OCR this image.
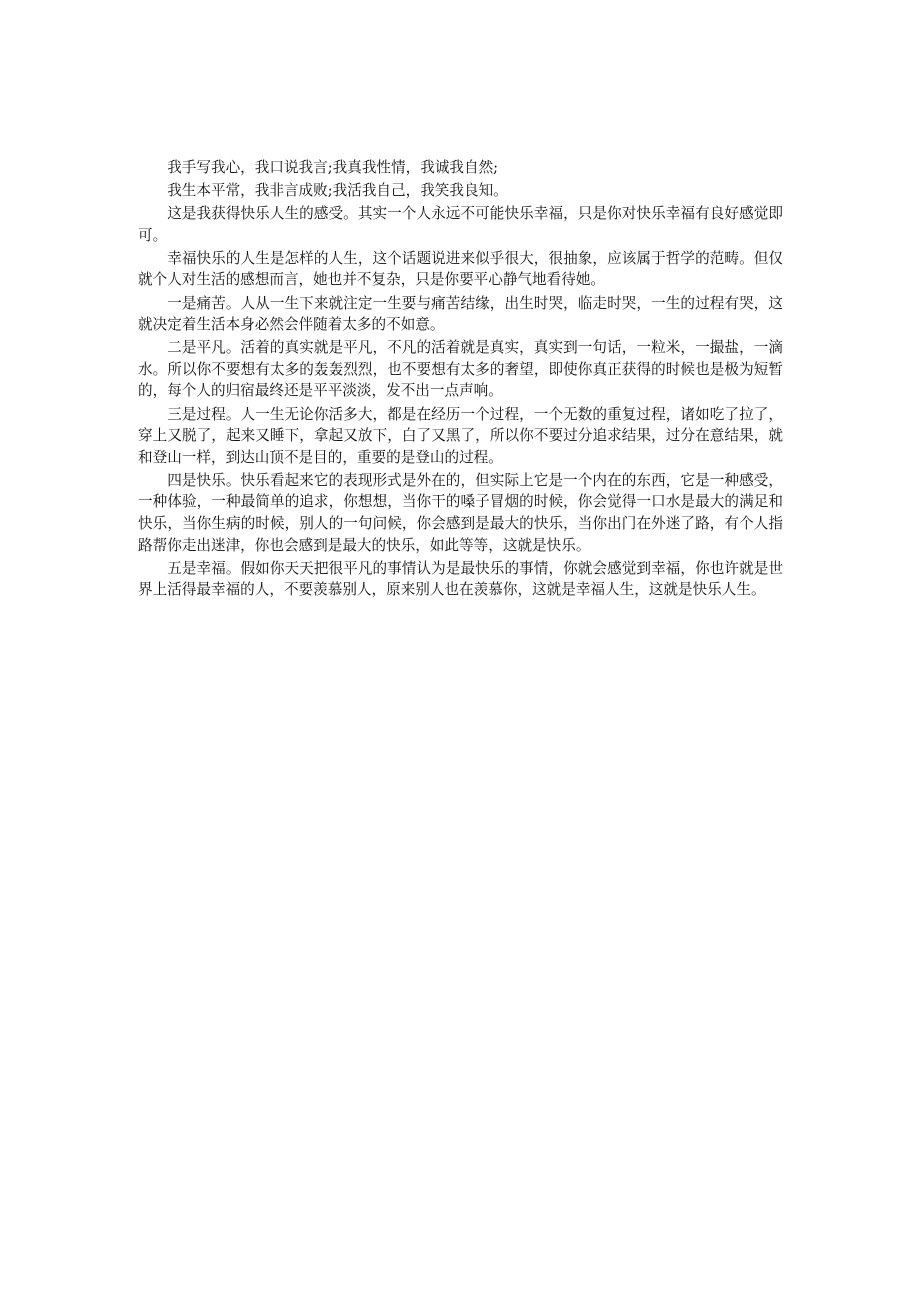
我手写我心，我口说我言;我真我性情，我诚我自然;

我生本平常，我非言成败;我活我自己，我笑我良知。

这是我获得快乐人生的感受。其实一个人永远不可能快乐幸福，只是你对快乐幸福有良好感觉即可。

幸福快乐的人生是怎样的人生，这个话题说进来似乎很大，很抽象，应该属于哲学的范畴。但仅就个人对生活的感想而言，她也并不复杂，只是你要平心静气地看待她。

一是痛苦。人从一生下来就注定一生要与痛苦结缘，出生时哭，临走时哭，一生的过程有哭，这就决定着生活本身必然会伴随着太多的不如意。

二是平凡。活着的真实就是平凡，不凡的活着就是真实，真实到一句话，一粒米，一撮盐，一滴水。所以你不要想有太多的轰轰烈烈，也不要想有太多的奢望，即使你真正获得的时候也是极为短暂的，每个人的归宿最终还是平平淡淡，发不出一点声响。

三是过程。人一生无论你活多大，都是在经历一个过程，一个无数的重复过程，诸如吃了拉了，穿上又脱了，起来又睡下，拿起又放下，白了又黑了，所以你不要过分追求结果，过分在意结果，就和登山一样，到达山顶不是目的，重要的是登山的过程。

四是快乐。快乐看起来它的表现形式是外在的，但实际上它是一个内在的东西，它是一种感受，一种体验，一种最简单的追求，你想想，当你干的嗓子冒烟的时候，你会觉得一口水是最大的满足和快乐，当你生病的时候，别人的一句问候，你会感到是最大的快乐，当你出门在外迷了路，有个人指路帮你走出迷津，你也会感到是最大的快乐，如此等等，这就是快乐。

五是幸福。假如你天天把很平凡的事情认为是最快乐的事情，你就会感觉到幸福，你也许就是世界上活得最幸福的人，不要羡慕别人，原来别人也在羡慕你，这就是幸福人生，这就是快乐人生。
